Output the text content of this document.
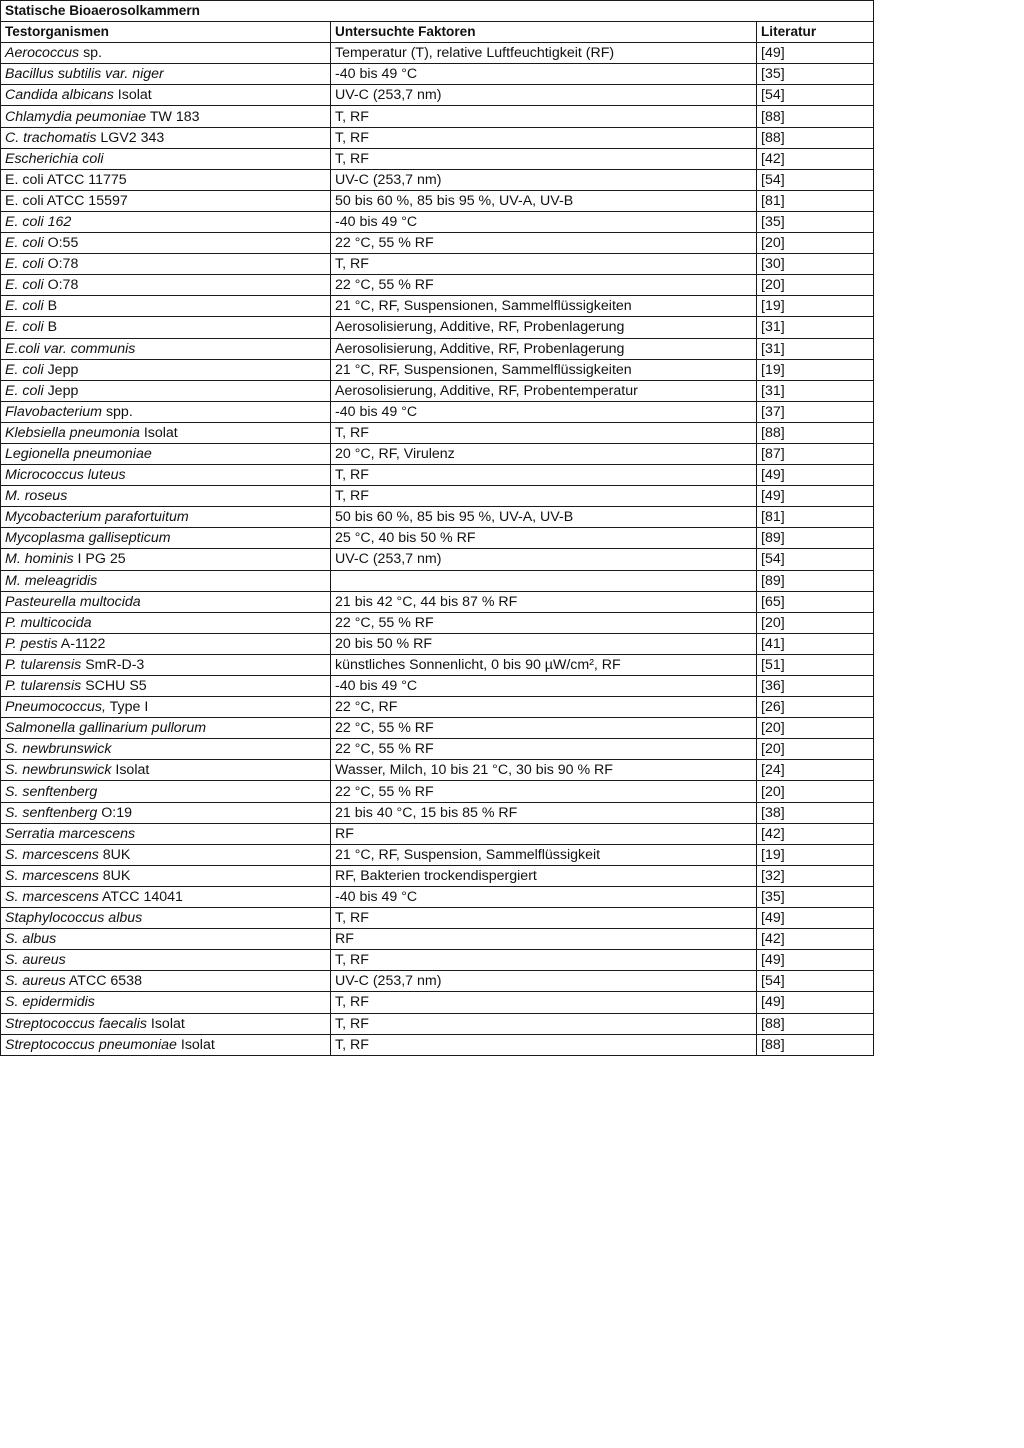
Statische Bioaerosolkammern		
Testorganismen	Untersuchte Faktoren	Literatur
Aerococcus sp.	Temperatur (T), relative Luftfeuchtigkeit (RF)	[49]
Bacillus subtilis var. niger	-40 bis 49 °C	[35]
Candida albicans Isolat	UV-C (253,7 nm)	[54]
Chlamydia peumoniae TW 183	T, RF	[88]
C. trachomatis LGV2 343	T, RF	[88]
Escherichia coli	T, RF	[42]
E. coli ATCC 11775	UV-C (253,7 nm)	[54]
E. coli ATCC 15597	50 bis 60 %, 85 bis 95 %, UV-A, UV-B	[81]
E. coli 162	-40 bis 49 °C	[35]
E. coli O:55	22 °C, 55 % RF	[20]
E. coli O:78	T, RF	[30]
E. coli O:78	22 °C, 55 % RF	[20]
E. coli B	21 °C, RF, Suspensionen, Sammelflüssigkeiten	[19]
E. coli B	Aerosolisierung, Additive, RF, Probenlagerung	[31]
E.coli var. communis	Aerosolisierung, Additive, RF, Probenlagerung	[31]
E. coli Jepp	21 °C, RF, Suspensionen, Sammelflüssigkeiten	[19]
E. coli Jepp	Aerosolisierung, Additive, RF, Probentemperatur	[31]
Flavobacterium spp.	-40 bis 49 °C	[37]
Klebsiella pneumonia Isolat	T, RF	[88]
Legionella pneumoniae	20 °C, RF, Virulenz	[87]
Micrococcus luteus	T, RF	[49]
M. roseus	T, RF	[49]
Mycobacterium parafortuitum	50 bis 60 %, 85 bis 95 %, UV-A, UV-B	[81]
Mycoplasma gallisepticum	25 °C, 40 bis 50 % RF	[89]
M. hominis I PG 25	UV-C (253,7 nm)	[54]
M. meleagridis		[89]
Pasteurella multocida	21 bis 42 °C, 44 bis 87 % RF	[65]
P. multicocida	22 °C, 55 % RF	[20]
P. pestis A-1122	20 bis 50 % RF	[41]
P. tularensis SmR-D-3	künstliches Sonnenlicht, 0 bis 90 µW/cm², RF	[51]
P. tularensis SCHU S5	-40 bis 49 °C	[36]
Pneumococcus, Type I	22 °C, RF	[26]
Salmonella gallinarium pullorum	22 °C, 55 % RF	[20]
S. newbrunswick	22 °C, 55 % RF	[20]
S. newbrunswick Isolat	Wasser, Milch, 10 bis 21 °C, 30 bis 90 % RF	[24]
S. senftenberg	22 °C, 55 % RF	[20]
S. senftenberg O:19	21 bis 40 °C, 15 bis 85 % RF	[38]
Serratia marcescens	RF	[42]
S. marcescens 8UK	21 °C, RF, Suspension, Sammelflüssigkeit	[19]
S. marcescens 8UK	RF, Bakterien trockendispergiert	[32]
S. marcescens ATCC 14041	-40 bis 49 °C	[35]
Staphylococcus albus	T, RF	[49]
S. albus	RF	[42]
S. aureus	T, RF	[49]
S. aureus ATCC 6538	UV-C (253,7 nm)	[54]
S. epidermidis	T, RF	[49]
Streptococcus faecalis Isolat	T, RF	[88]
Streptococcus pneumoniae Isolat	T, RF	[88]
